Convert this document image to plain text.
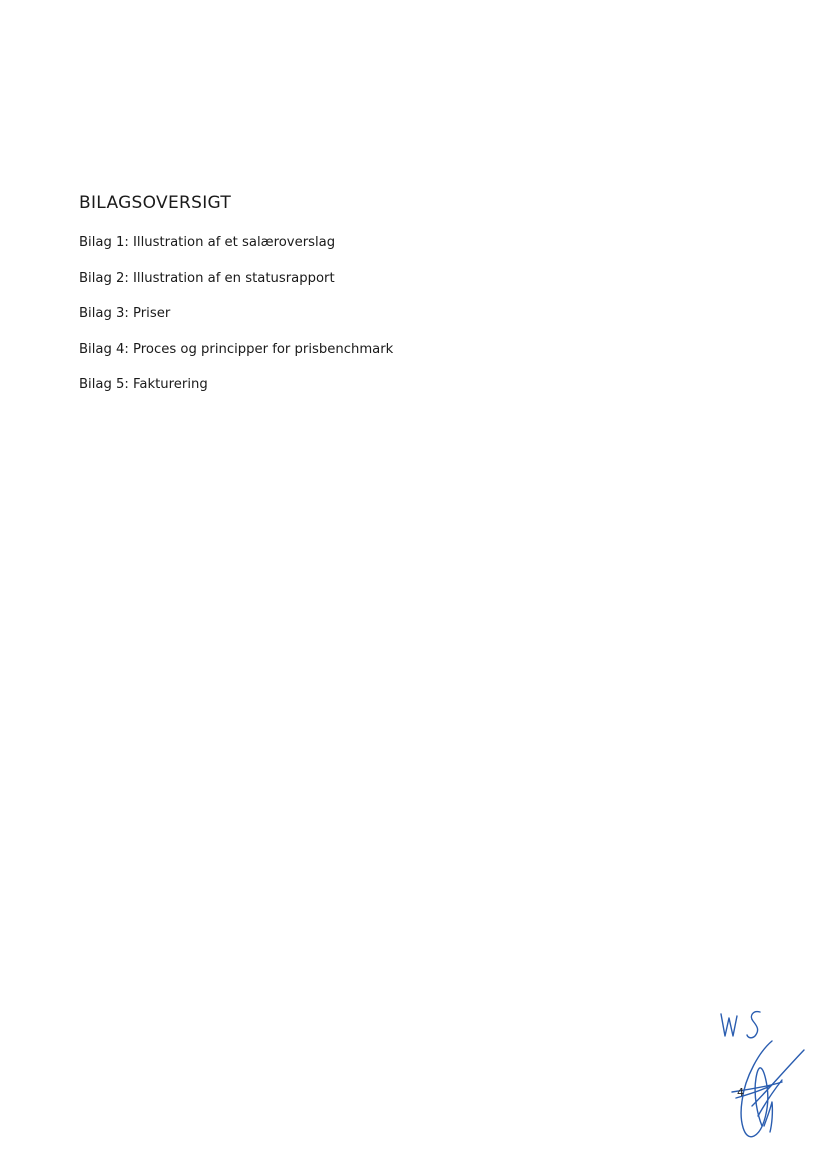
BILAGSOVERSIGT
Bilag 1: Illustration af et salæroverslag
Bilag 2: Illustration af en statusrapport
Bilag 3: Priser
Bilag 4: Proces og principper for prisbenchmark
Bilag 5: Fakturering
4
